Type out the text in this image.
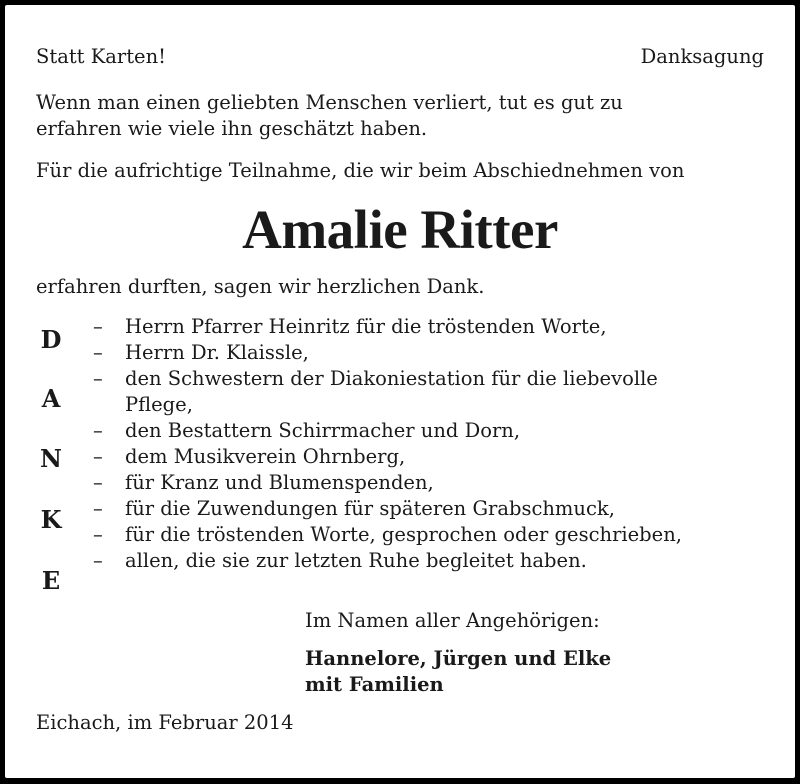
Statt Karten!	Danksagung
Wenn man einen geliebten Menschen verliert, tut es gut zu
erfahren wie viele ihn geschätzt haben.
Für die aufrichtige Teilnahme, die wir beim Abschiednehmen von
Amalie Ritter
erfahren durften, sagen wir herzlichen Dank.
D
A
N
K
E
– Herrn Pfarrer Heinritz für die tröstenden Worte,
– Herrn Dr. Klaissle,
– den Schwestern der Diakoniestation für die liebevolle
Pflege,
– den Bestattern Schirrmacher und Dorn,
– dem Musikverein Ohrnberg,
– für Kranz und Blumenspenden,
– für die Zuwendungen für späteren Grabschmuck,
– für die tröstenden Worte, gesprochen oder geschrieben,
– allen, die sie zur letzten Ruhe begleitet haben.
Im Namen aller Angehörigen:
Hannelore, Jürgen und Elke
mit Familien
Eichach, im Februar 2014
